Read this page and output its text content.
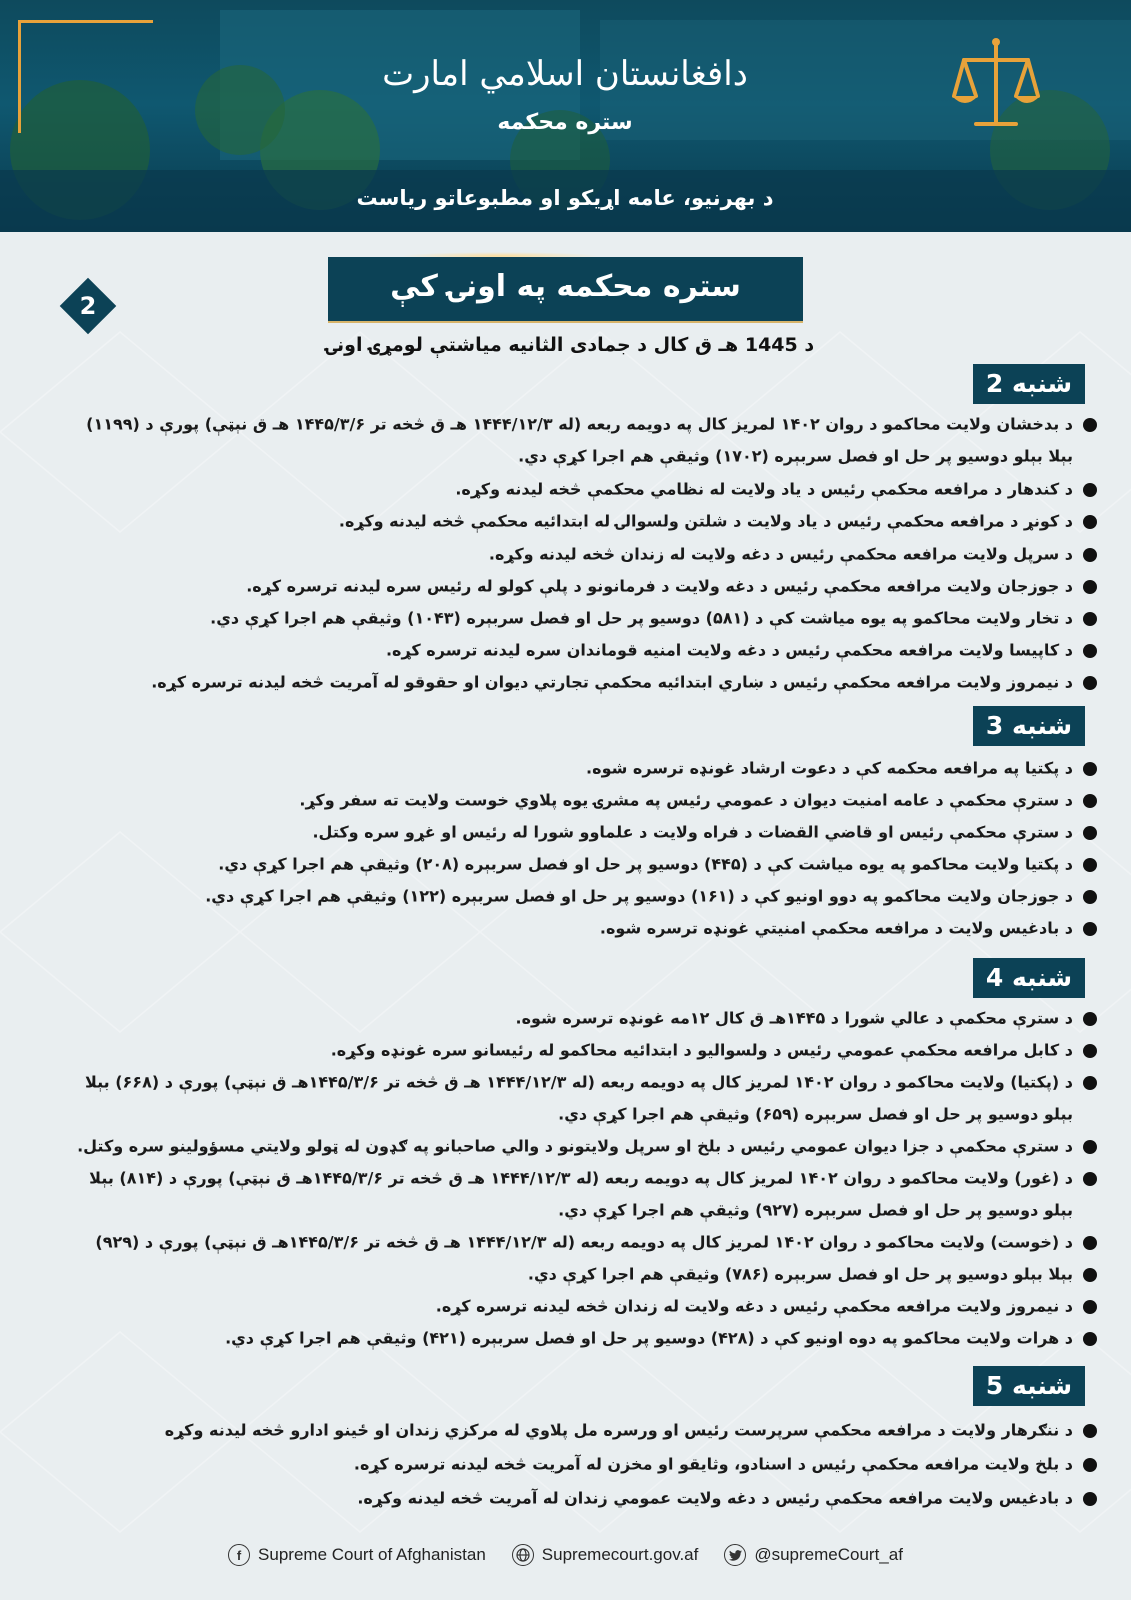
دافغانستان اسلامي امارت
ستره محکمه
د بهرنيو، عامه اړيکو او مطبوعاتو رياست
ستره محکمه په اونۍ کې
2
د 1445 هـ ق کال د جمادی الثانیه میاشتې لومړۍ اونۍ
2 شنبه
د بدخشان ولايت محاکمو د روان ۱۴۰۲ لمريز کال په دويمه ربعه (له ۱۴۴۴/۱۲/۳ هـ ق څخه تر ۱۴۴۵/۳/۶ هـ ق نېټې) پورې د (۱۱۹۹)
بېلا بېلو دوسيو پر حل او فصل سربېره (۱۷۰۲) وثيقې هم اجرا کړې دي.
د کندهار د مرافعه محکمې رئيس د ياد ولايت له نظامي محکمې څخه لیدنه وکړه.
د کونړ د مرافعه محکمې رئيس د ياد ولايت د شلتن ولسوالۍ له ابتدائيه محکمې څخه لیدنه وکړه.
د سرپل ولايت مرافعه محکمې رئيس د دغه ولايت له زندان څخه لیدنه وکړه.
د جوزجان ولايت مرافعه محکمې رئيس د دغه ولايت د فرمانونو د پلې کولو له رئيس سره لیدنه ترسره کړه.
د تخار ولايت محاکمو په یوه میاشت کې د (۵۸۱) دوسيو پر حل او فصل سربېره (۱۰۴۳) وثيقې هم اجرا کړې دي.
د کاپيسا ولايت مرافعه محکمې رئيس د دغه ولايت امنيه قوماندان سره لیدنه ترسره کړه.
د نيمروز ولايت مرافعه محکمې رئيس د ښاري ابتدائيه محکمې تجارتي ديوان او حقوقو له آمريت څخه لیدنه ترسره کړه.
3 شنبه
د پکتيا په مرافعه محکمه کې د دعوت ارشاد غونډه ترسره شوه.
د سترې محکمې د عامه امنيت ديوان د عمومي رئيس په مشرۍ يوه پلاوي خوست ولايت ته سفر وکړ.
د سترې محکمې رئيس او قاضي القضات د فراه ولايت د علماوو شورا له رئيس او غړو سره وکتل.
د پکتيا ولايت محاکمو په یوه میاشت کې د (۴۴۵) دوسيو پر حل او فصل سربېره (۲۰۸) وثيقې هم اجرا کړې دي.
د جوزجان ولايت محاکمو په دوو اونيو کې د (۱۶۱) دوسيو پر حل او فصل سربېره (۱۲۲) وثيقې هم اجرا کړې دي.
د بادغيس ولايت د مرافعه محکمې امنيتي غونډه ترسره شوه.
4 شنبه
د سترې محکمې د عالي شورا د ۱۴۴۵هـ ق کال ۱۲مه غونډه ترسره شوه.
د کابل مرافعه محکمې عمومي رئيس د ولسواليو د ابتدائيه محاکمو له رئيسانو سره غونډه وکړه.
د (پکتيا) ولايت محاکمو د روان ۱۴۰۲ لمريز کال په دويمه ربعه (له ۱۴۴۴/۱۲/۳ هـ ق څخه تر ۱۴۴۵/۳/۶هـ ق نېټې) پورې د (۶۶۸) بېلا
بېلو دوسيو پر حل او فصل سربېره (۶۵۹) وثيقې هم اجرا کړې دي.
د سترې محکمې د جزا ديوان عمومي رئيس د بلخ او سرپل ولايتونو د والي صاحبانو په ګډون له ټولو ولايتي مسؤولينو سره وکتل.
د (غور) ولايت محاکمو د روان ۱۴۰۲ لمريز کال په دويمه ربعه (له ۱۴۴۴/۱۲/۳ هـ ق څخه تر ۱۴۴۵/۳/۶هـ ق نېټې) پورې د (۸۱۴) بېلا
بېلو دوسيو پر حل او فصل سربېره (۹۲۷) وثيقې هم اجرا کړې دي.
د (خوست) ولايت محاکمو د روان ۱۴۰۲ لمريز کال په دويمه ربعه (له ۱۴۴۴/۱۲/۳ هـ ق څخه تر ۱۴۴۵/۳/۶هـ ق نېټې) پورې د (۹۲۹)
بېلا بېلو دوسيو پر حل او فصل سربېره (۷۸۶) وثيقې هم اجرا کړې دي.
د نيمروز ولايت مرافعه محکمې رئيس د دغه ولايت له زندان څخه لیدنه ترسره کړه.
د هرات ولايت محاکمو په دوه اونيو کې د (۴۲۸) دوسيو پر حل او فصل سربېره (۴۲۱) وثيقې هم اجرا کړې دي.
5 شنبه
د ننګرهار ولايت د مرافعه محکمې سرپرست رئيس او ورسره مل پلاوي له مرکزي زندان او ځينو ادارو څخه لیدنه وکړه
د بلخ ولايت مرافعه محکمې رئيس د اسنادو، وثايقو او مخزن له آمريت څخه لیدنه ترسره کړه.
د بادغيس ولايت مرافعه محکمې رئيس د دغه ولايت عمومي زندان له آمريت څخه لیدنه وکړه.
f Supreme Court of Afghanistan	Supremecourt.gov.af	@supremeCourt_af
